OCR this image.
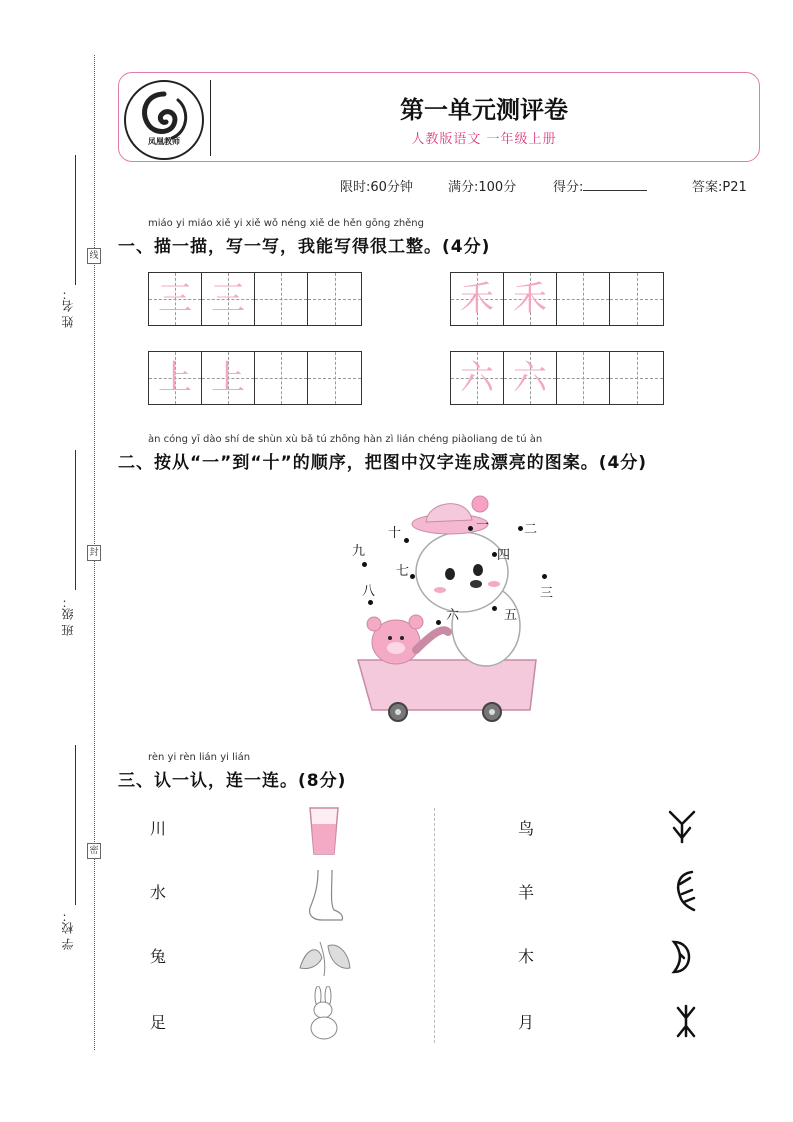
姓 名：
线
班 级：
封
学 校：
密
凤凰教师
第一单元测评卷
人教版语文 一年级上册
限时:60分钟	满分:100分	得分:	答案:P21
miáo yi miáo xiě yi xiě wǒ néng xiě de hěn gōng zhěng
一、描一描，写一写，我能写得很工整。(4分)
三 三	禾 禾
上 上	六 六
àn cóng yī dào shí de shùn xù bǎ tú zhōng hàn zì lián chéng piàoliang de tú àn
二、按从“一”到“十”的顺序，把图中汉字连成漂亮的图案。(4分)
十
一	二
九	四
七
三
八
六	五
rèn yi rèn lián yi lián
三、认一认，连一连。(8分)
川
水
兔
足
鸟
羊
木
月
